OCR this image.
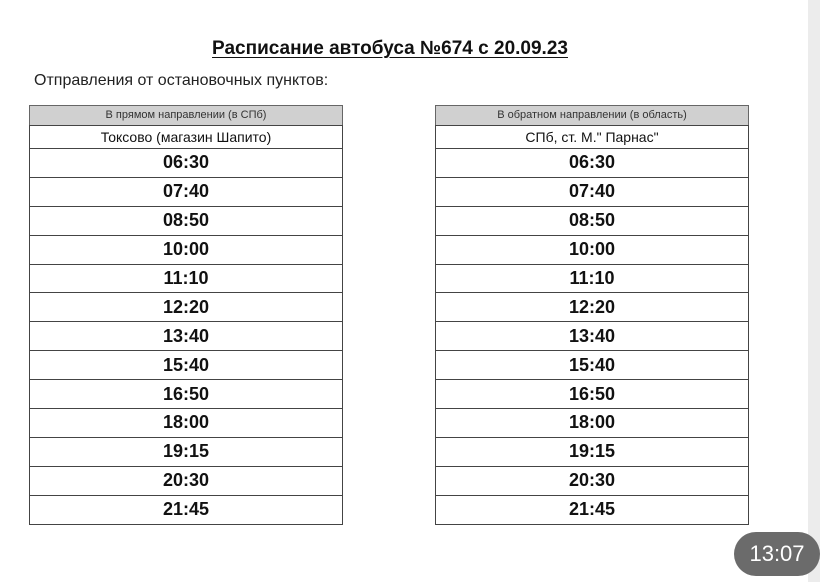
Расписание автобуса №674 с 20.09.23
Отправления от остановочных пунктов:
В прямом направлении (в СПб)
Токсово (магазин Шапито)
06:30
07:40
08:50
10:00
11:10
12:20
13:40
15:40
16:50
18:00
19:15
20:30
21:45
В обратном направлении (в область)
СПб, ст. М." Парнас"
06:30
07:40
08:50
10:00
11:10
12:20
13:40
15:40
16:50
18:00
19:15
20:30
21:45
13:07
